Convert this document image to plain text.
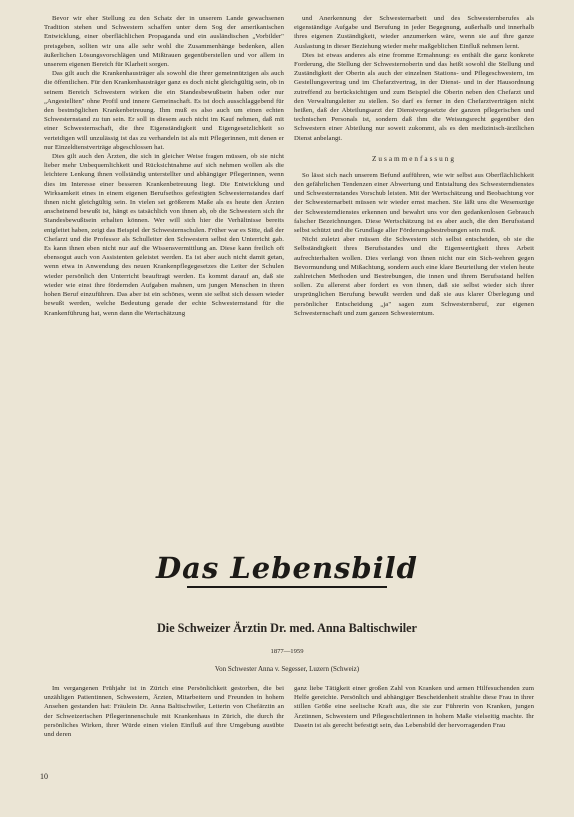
Bevor wir eher Stellung zu den Schatz der in unserem Lande gewachsenen Tradition stehen und Schwestern schaffen unter dem Sog der amerikanischen Entwicklung, einer oberflächlichen Propaganda und ein ausländischen „Vorbilder" preisgeben, sollten wir uns alle sehr wohl die Zusammenhänge bedenken, allen äußerlichen Lösungsvorschlägen und Mißtrauen gegenüberstellen und vor allem in unserem eigenen Bereich für Klarheit sorgen.

Das gilt auch die Krankenhausträger als sowohl die ihrer gemeinnützigen als auch die öffentlichen. Für den Krankenhausträger ganz es doch nicht gleichgültig sein, ob in seinem Bereich Schwestern wirken die ein Standesbewußtsein haben oder nur „Angestellten" ohne Profil und innere Gemeinschaft. Es ist doch ausschlaggebend für den bestmöglichen Krankenbetreuung. Ihm muß es also auch um einen echten Schwesternstand zu tun sein. Er soll in diesem auch nicht im Kauf nehmen, daß mit einer Schwesternschaft, die ihre Eigenständigkeit und Eigengesetzlichkeit so verteidigen will unzulässig ist das zu verhandeln ist als mit Pflegerinnen, mit denen er nur Einzeldienstverträge abgeschlossen hat.

Dies gilt auch den Ärzten, die sich in gleicher Weise fragen müssen, ob sie nicht lieber mehr Unbequemlichkeit und Rücksichtnahme auf sich nehmen wollen als die leichtere Lenkung ihnen vollständig unterstellter und abhängiger Pflegerinnen, wenn dies im Interesse einer besseren Krankenbetreuung liegt. Die Entwicklung und Wirksamkeit eines in einem eigenen Berufsethos gefestigten Schwesternstandes darf ihnen nicht gleichgültig sein. In vielen sei größerem Maße als es heute den Ärzten anscheinend bewußt ist, hängt es tatsächlich von ihnen ab, ob die Schwestern sich ihr Standesbewußtsein erhalten können. Wer will sich hier die Verhältnisse bereits entgleitet haben, zeigt das Beispiel der Schwesternschulen. Früher war es Sitte, daß der Chefarzt und die Professor als Schulleiter den Schwestern selbst den Unterricht gab. Es kann ihnen eben nicht nur auf die Wissensvermittlung an. Diese kann freilich oft ebensogut auch von Assistenten geleistet werden. Es ist aber auch nicht damit getan, wenn etwa in Anwendung des neuen Krankenpflegegesetzes die Leiter der Schulen wieder persönlich den Unterricht beauftragt werden. Es kommt darauf an, daß sie wieder wie einst ihre fördernden Aufgaben mahnen, um jungen Menschen in ihren hohen Beruf einzuführen. Das aber ist ein schönes, wenn sie selbst sich dessen wieder bewußt werden, welche Bedeutung gerade der echte Schwesternstand für die Krankenführung hat, wenn dann die Wertschätzung

und Anerkennung der Schwesternarbeit und des Schwesternberufes als eigenständige Aufgabe und Berufung in jeder Begegnung, außerhalb und innerhalb ihres eigenen Zuständigkeit, wieder anzumerken wäre, wenn sie auf ihre ganze Auslastung in dieser Beziehung wieder mehr maßgeblichen Einfluß nehmen lernt.

Dies ist etwas anderes als eine fromme Ermahnung: es enthält die ganz konkrete Forderung, die Stellung der Schwesternoberin und das heißt sowohl die Stellung und Zuständigkeit der Oberin als auch der einzelnen Stations- und Pflegeschwestern, im Gestellungsvertrag und im Chefarztvertrag, in der Dienst- und in der Hausordnung zutreffend zu berücksichtigen und zum Beispiel die Oberin neben den Chefarzt und den Verwaltungsleiter zu stellen. So darf es ferner in den Chefarztverträgen nicht heißen, daß der Abteilungsarzt der Dienstvorgesetzte der ganzen pflegerischen und technischen Personals ist, sondern daß ihm die Weisungsrecht gegenüber den Schwestern einer Abteilung nur soweit zukommt, als es den medizinisch-ärztlichen Dienst anbelangt.

Zusammenfassung

So lässt sich nach unserem Befund aufführen, wie wir selbst aus Oberflächlichkeit den gefährlichen Tendenzen einer Abwertung und Entstaltung des Schwesterndienstes und Schwesternstandes Vorschub leisten. Mit der Wertschätzung und Beobachtung vor der Schwesternarbeit müssen wir wieder ernst machen. Sie läßt uns die Wesenszüge der Schwesterndienstes erkennen und bewahrt uns vor den gedankenlosen Gebrauch falscher Bezeichnungen. Diese Wertschätzung ist es aber auch, die den Berufsstand selbst schützt und die Grundlage aller Förderungsbestrebungen sein muß.

Nicht zuletzt aber müssen die Schwestern sich selbst entscheiden, ob sie die Selbständigkeit ihres Berufsstandes und die Eigenwertigkeit ihres Arbeit aufrechterhalten wollen. Dies verlangt von ihnen nicht nur ein Sich-wehren gegen Bevormundung und Mißachtung, sondern auch eine klare Beurteilung der vielen heute zahlreichen Methoden und Bestrebungen, die innen und ihrem Berufsstand helfen sollen. Zu allererst aber fordert es von ihnen, daß sie selbst wieder sich ihrer ursprünglichen Berufung bewußt werden und daß sie aus klarer Überlegung und persönlicher Entscheidung „ja" sagen zum Schwesternberuf, zur eigenen Schwesternschaft und zum ganzen Schwesterntum.

Das Lebensbild
Die Schweizer Ärztin Dr. med. Anna Baltischwiler
1877—1959
Von Schwester Anna v. Segesser, Luzern (Schweiz)

Im vergangenen Frühjahr ist in Zürich eine Persönlichkeit gestorben, die bei unzähligen Patientinnen, Schwestern, Ärzten, Mitarbeitern und Freunden in hohem Ansehen gestanden hat: Fräulein Dr. Anna Baltischwiler, Leiterin von Chefärztin an der Schweizerischen Pflegerinnenschule mit Krankenhaus in Zürich, die durch ihr persönliches Wirken, ihrer Würde einen vielen Einfluß auf ihre Umgebung ausübte und deren

ganz liebe Tätigkeit einer großen Zahl von Kranken und armen Hilfesuchenden zum Helfe gereichte. Persönlich und abhängiger Bescheidenheit strahlte diese Frau in ihrer stillen Größe eine seelische Kraft aus, die sie zur Führerin von Kranken, jungen Ärztinnen, Schwestern und Pflegeschülerinnen in hohem Maße vielseitig machte. Ihr Dasein ist als gerecht befestigt sein, das Lebensbild der hervorragenden Frau

10
